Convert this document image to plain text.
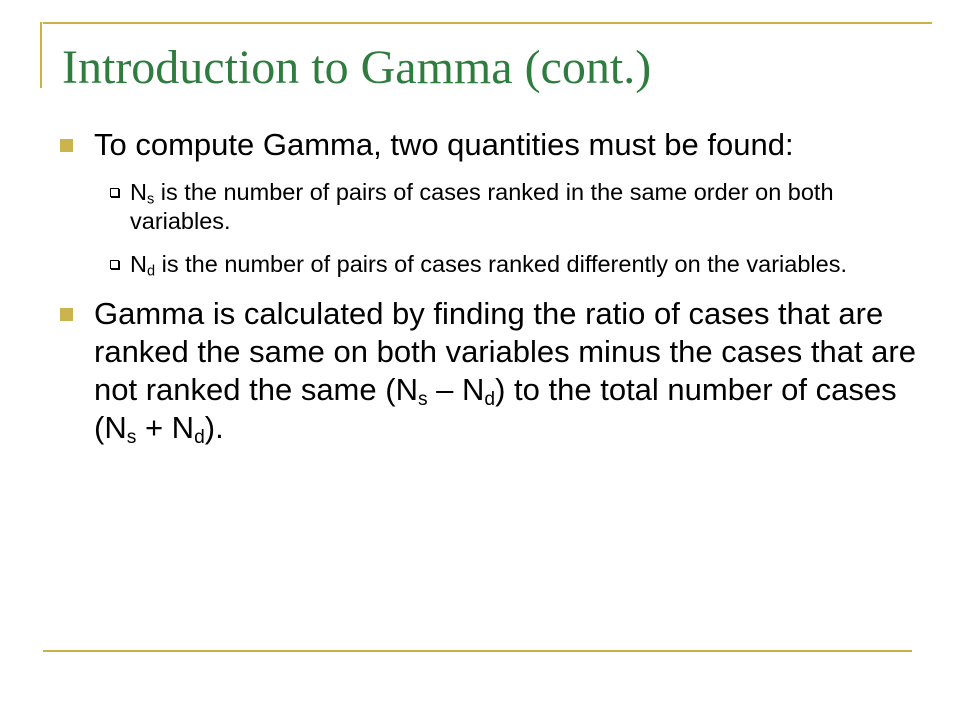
Introduction to Gamma (cont.)
To compute Gamma, two quantities must be found:
$N_s$ is the number of pairs of cases ranked in the same order on both variables.
$N_d$ is the number of pairs of cases ranked differently on the variables.
Gamma is calculated by finding the ratio of cases that are ranked the same on both variables minus the cases that are not ranked the same $(N_s - N_d)$ to the total number of cases $(N_s + N_d)$.
